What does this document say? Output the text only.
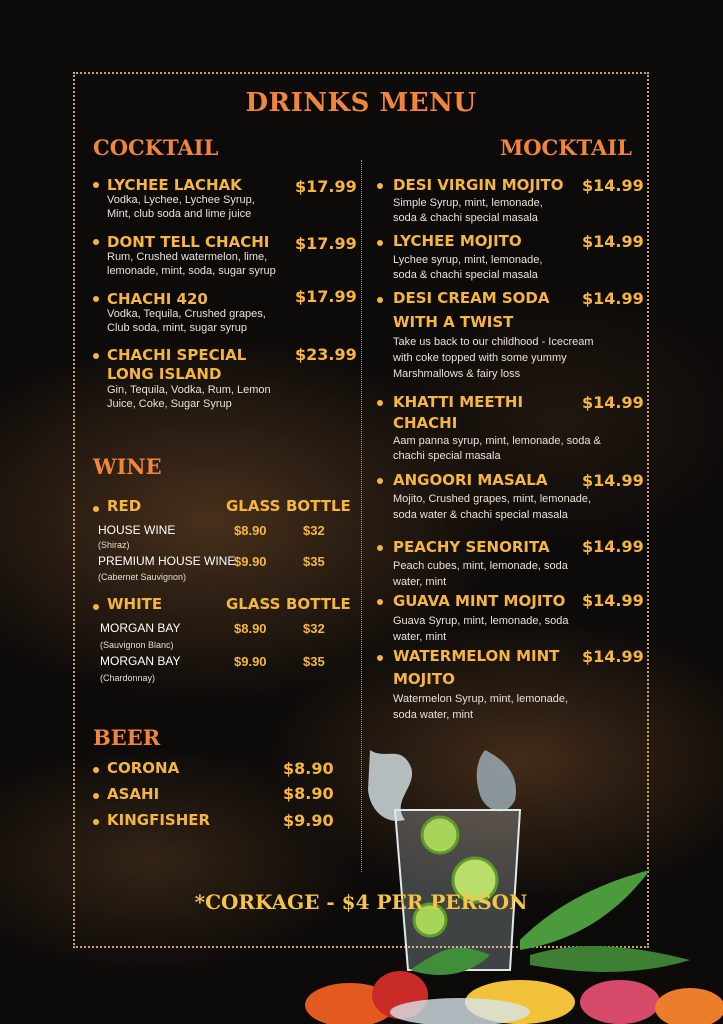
DRINKS MENU
COCKTAIL
LYCHEE LACHAK	$17.99
Vodka, Lychee, Lychee Syrup,
Mint, club soda and lime juice
DONT TELL CHACHI $17.99
Rum, Crushed watermelon, lime,
lemonade, mint, soda, sugar syrup
CHACHI 420	$17.99
Vodka, Tequila, Crushed grapes,
Club soda, mint, sugar syrup
CHACHI SPECIAL
LONG ISLAND
$23.99
Gin, Tequila, Vodka, Rum, Lemon
Juice, Coke, Sugar Syrup
WINE
RED	GLASS BOTTLE
HOUSE WINE
(Shiraz)
$8.90	$32
PREMIUM HOUSE WINE
(Cabernet Sauvignon)
$9.90	$35
WHITE	GLASS BOTTLE
MORGAN BAY
(Sauvignon Blanc)
$8.90	$32
MORGAN BAY
(Chardonnay)
$9.90	$35
BEER
CORONA	$8.90
ASAHI	$8.90
KINGFISHER	$9.90
MOCKTAIL
DESI VIRGIN MOJITO $14.99
Simple Syrup, mint, lemonade,
soda & chachi special masala
LYCHEE MOJITO	$14.99
Lychee syrup, mint, lemonade,
soda & chachi special masala
DESI CREAM SODA
WITH A TWIST
$14.99
Take us back to our childhood - Icecream
with coke topped with some yummy
Marshmallows & fairy loss
KHATTI MEETHI
CHACHI
$14.99
Aam panna syrup, mint, lemonade, soda &
chachi special masala
ANGOORI MASALA $14.99
Mojito, Crushed grapes, mint, lemonade,
soda water & chachi special masala
PEACHY SENORITA $14.99
Peach cubes, mint, lemonade, soda
water, mint
GUAVA MINT MOJITO $14.99
Guava Syrup, mint, lemonade, soda
water, mint
WATERMELON MINT
MOJITO
$14.99
Watermelon Syrup, mint, lemonade,
soda water, mint
*CORKAGE - $4 PER PERSON
